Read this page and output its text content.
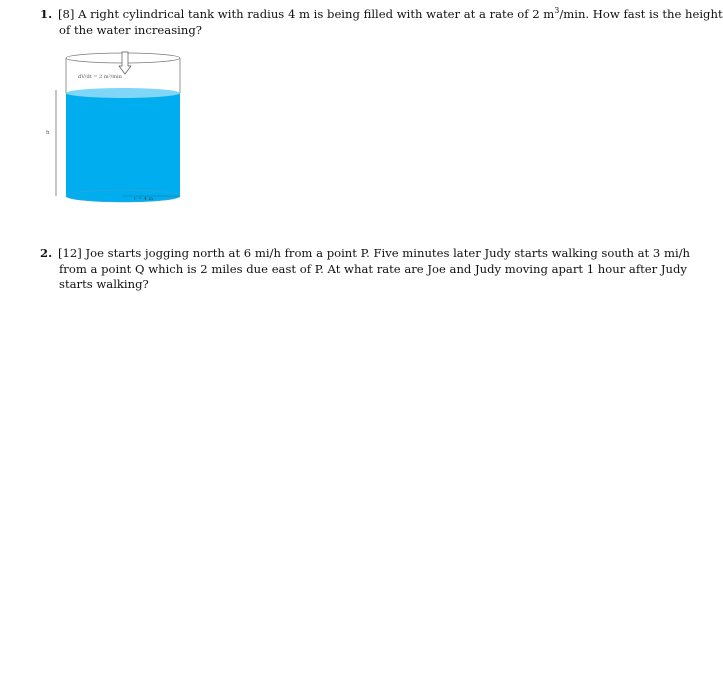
1. [8] A right cylindrical tank with radius 4 m is being filled with water at a rate of 2 $m^3/\min$. How fast is the height
of the water increasing?
dV/dt = 2 m³/min
h
r = 4 m
2. [12] Joe starts jogging north at 6 mi/h from a point P. Five minutes later Judy starts walking south at 3 mi/h
from a point Q which is 2 miles due east of P. At what rate are Joe and Judy moving apart 1 hour after Judy
starts walking?
